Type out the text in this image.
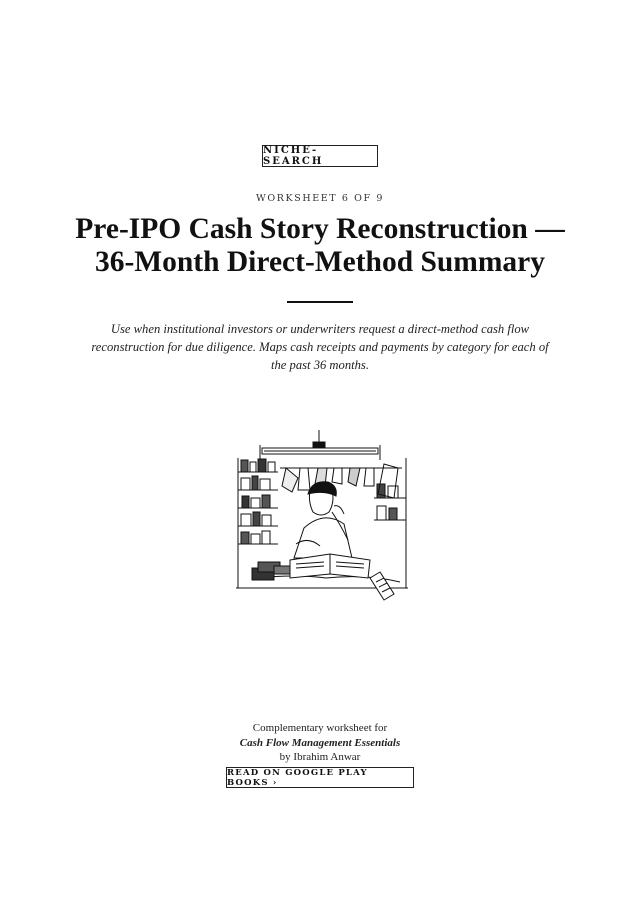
NICHE-SEARCH
WORKSHEET 6 OF 9
Pre-IPO Cash Story Reconstruction —
36-Month Direct-Method Summary

Use when institutional investors or underwriters request a direct-method cash flow reconstruction for due diligence. Maps cash receipts and payments by category for each of the past 36 months.

Complementary worksheet for
Cash Flow Management Essentials
by Ibrahim Anwar
READ ON GOOGLE PLAY BOOKS ›
